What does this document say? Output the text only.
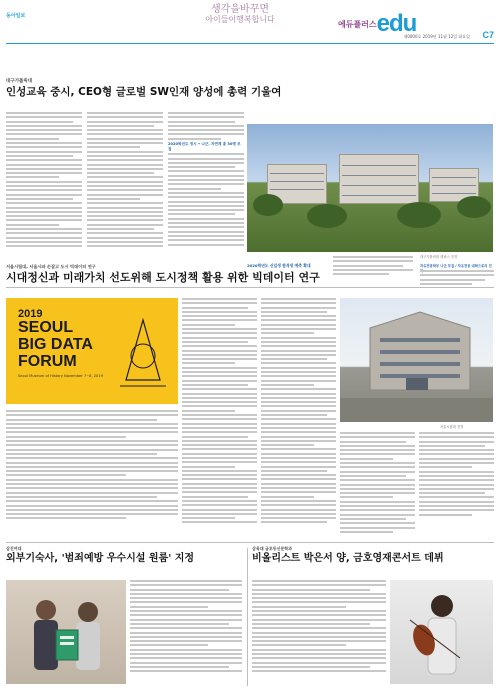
동아일보
생각을바꾸면
아이들이행복합니다
$^{에듀플러스}$edu
제0000호 2019년 11월 12일 화요일 C7
대구가톨릭대
인성교육 중시, CEO형 글로벌 SW인재 양성에 총력 기울여
2020학년도 정시 • 나군, 자연계 총 30명 모집
대구가톨릭대 캠퍼스 전경
2020학년도 신입생 합격생 예측 확대	자유전공학부 나군 모집 / 자유전공 대학으로의 진
서울시립대, 서울시와 손잡고 도시 빅데이터 연구
시대정신과 미래가치 선도위해 도시정책 활용 위한 빅데이터 연구
2019
SEOUL
BIG DATA
FORUM
Seoul Museum of History November 7~8, 2019
서울시립대 전경
삼진여대
외부기숙사, '범죄예방 우수시설 원룸' 지정
삼육대 금호동신문학과
비올리스트 박은서 양, 금호영재콘서트 데뷔
